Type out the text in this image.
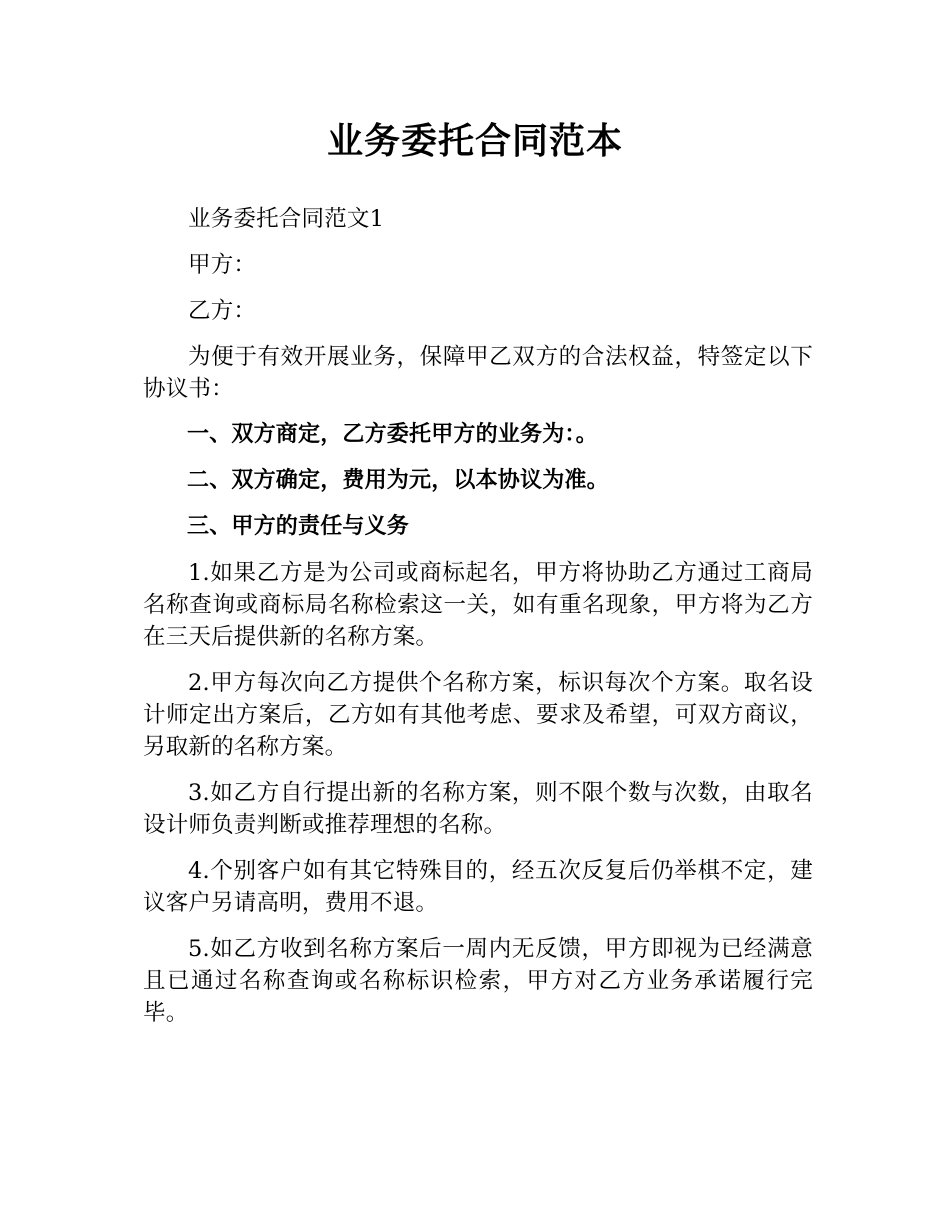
业务委托合同范本

业务委托合同范文1

甲方：

乙方：

为便于有效开展业务，保障甲乙双方的合法权益，特签定以下协议书：

一、双方商定，乙方委托甲方的业务为：。

二、双方确定，费用为元，以本协议为准。

三、甲方的责任与义务

1.如果乙方是为公司或商标起名，甲方将协助乙方通过工商局名称查询或商标局名称检索这一关，如有重名现象，甲方将为乙方在三天后提供新的名称方案。

2.甲方每次向乙方提供个名称方案，标识每次个方案。取名设计师定出方案后，乙方如有其他考虑、要求及希望，可双方商议，另取新的名称方案。

3.如乙方自行提出新的名称方案，则不限个数与次数，由取名设计师负责判断或推荐理想的名称。

4.个别客户如有其它特殊目的，经五次反复后仍举棋不定，建议客户另请高明，费用不退。

5.如乙方收到名称方案后一周内无反馈，甲方即视为已经满意且已通过名称查询或名称标识检索，甲方对乙方业务承诺履行完毕。
